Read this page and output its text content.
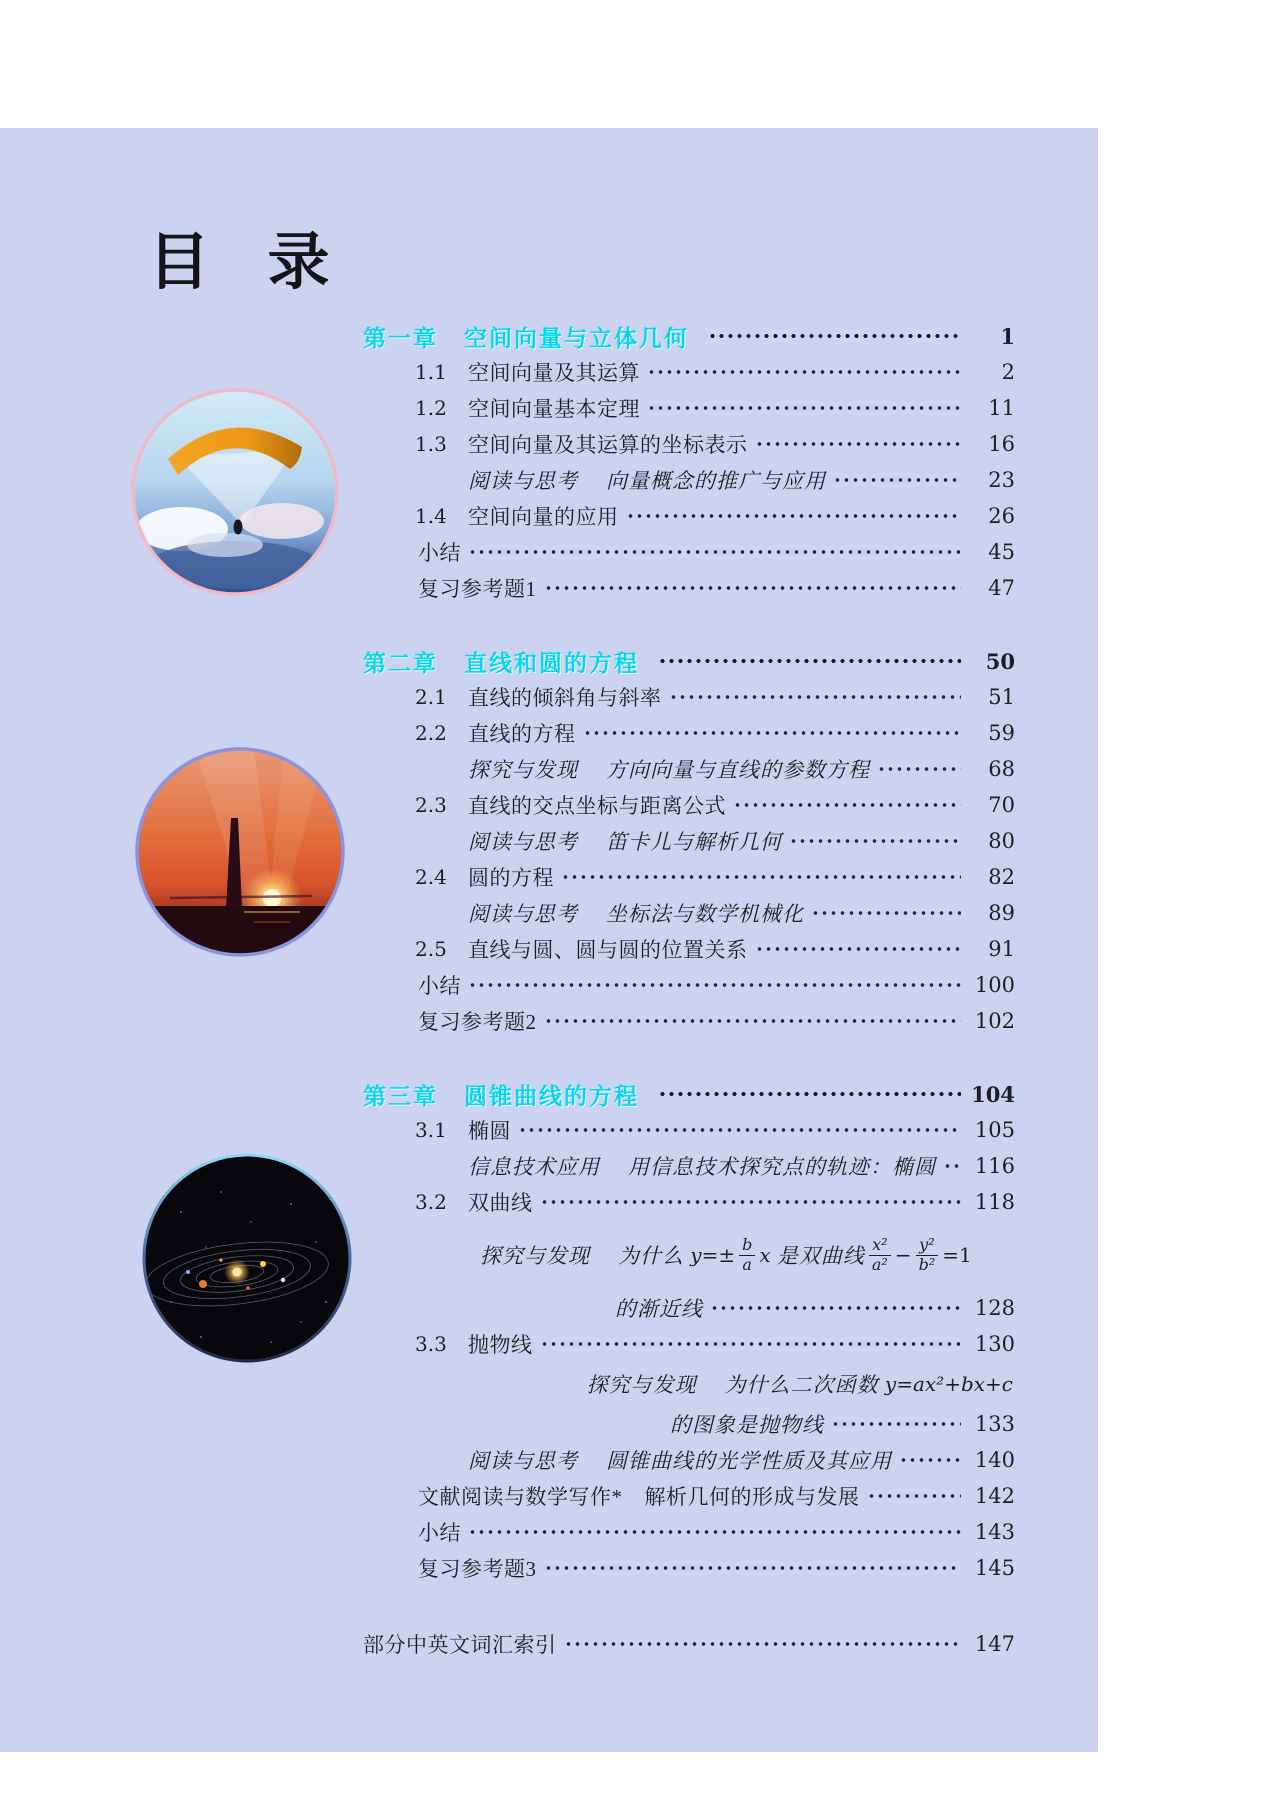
目 录
第一章 空间向量与立体几何	1
1.1	空间向量及其运算	2
1.2	空间向量基本定理	11
1.3	空间向量及其运算的坐标表示	16
阅读与思考 向量概念的推广与应用	23
1.4	空间向量的应用	26
小结	45
复习参考题1	47
第二章 直线和圆的方程	50
2.1	直线的倾斜角与斜率	51
2.2	直线的方程	59
探究与发现 方向向量与直线的参数方程	68
2.3	直线的交点坐标与距离公式	70
阅读与思考 笛卡儿与解析几何	80
2.4	圆的方程	82
阅读与思考 坐标法与数学机械化	89
2.5	直线与圆、圆与圆的位置关系	91
小结	100
复习参考题2	102
第三章 圆锥曲线的方程	104
3.1	椭圆	105
信息技术应用 用信息技术探究点的轨迹：椭圆 116
3.2	双曲线	118
探究与发现 为什么 $y =\pm \frac{b}{a}$ x 是双曲线 $\frac{\text{x²}}{\text{a²}} - \frac{\text{y²}}{\text{b²}} =1$
的渐近线	128
3.3	抛物线	130
探究与发现 为什么二次函数 y=ax²+bx+c
的图象是抛物线	133
阅读与思考 圆锥曲线的光学性质及其应用	140
文献阅读与数学写作* 解析几何的形成与发展	142
小结	143
复习参考题3	145
部分中英文词汇索引	147
